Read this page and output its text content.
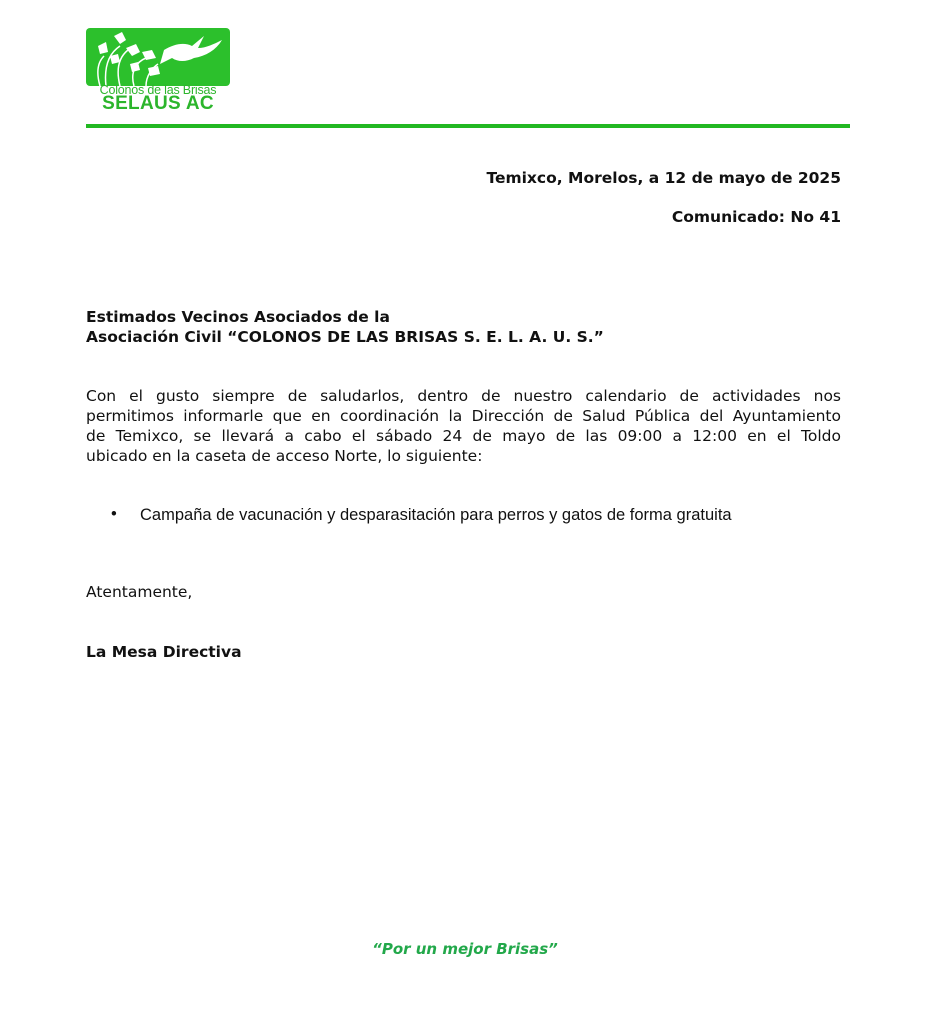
Colonos de las Brisas
SELAUS AC
Temixco, Morelos, a 12 de mayo de 2025
Comunicado: No 41
Estimados Vecinos Asociados de la
Asociación Civil “COLONOS DE LAS BRISAS S. E. L. A. U. S.”
Con el gusto siempre de saludarlos, dentro de nuestro calendario de actividades nos
permitimos informarle que en coordinación la Dirección de Salud Pública del Ayuntamiento
de Temixco, se llevará a cabo el sábado 24 de mayo de las 09:00 a 12:00 en el Toldo
ubicado en la caseta de acceso Norte, lo siguiente:
• Campaña de vacunación y desparasitación para perros y gatos de forma gratuita
Atentamente,
La Mesa Directiva
“Por un mejor Brisas”
